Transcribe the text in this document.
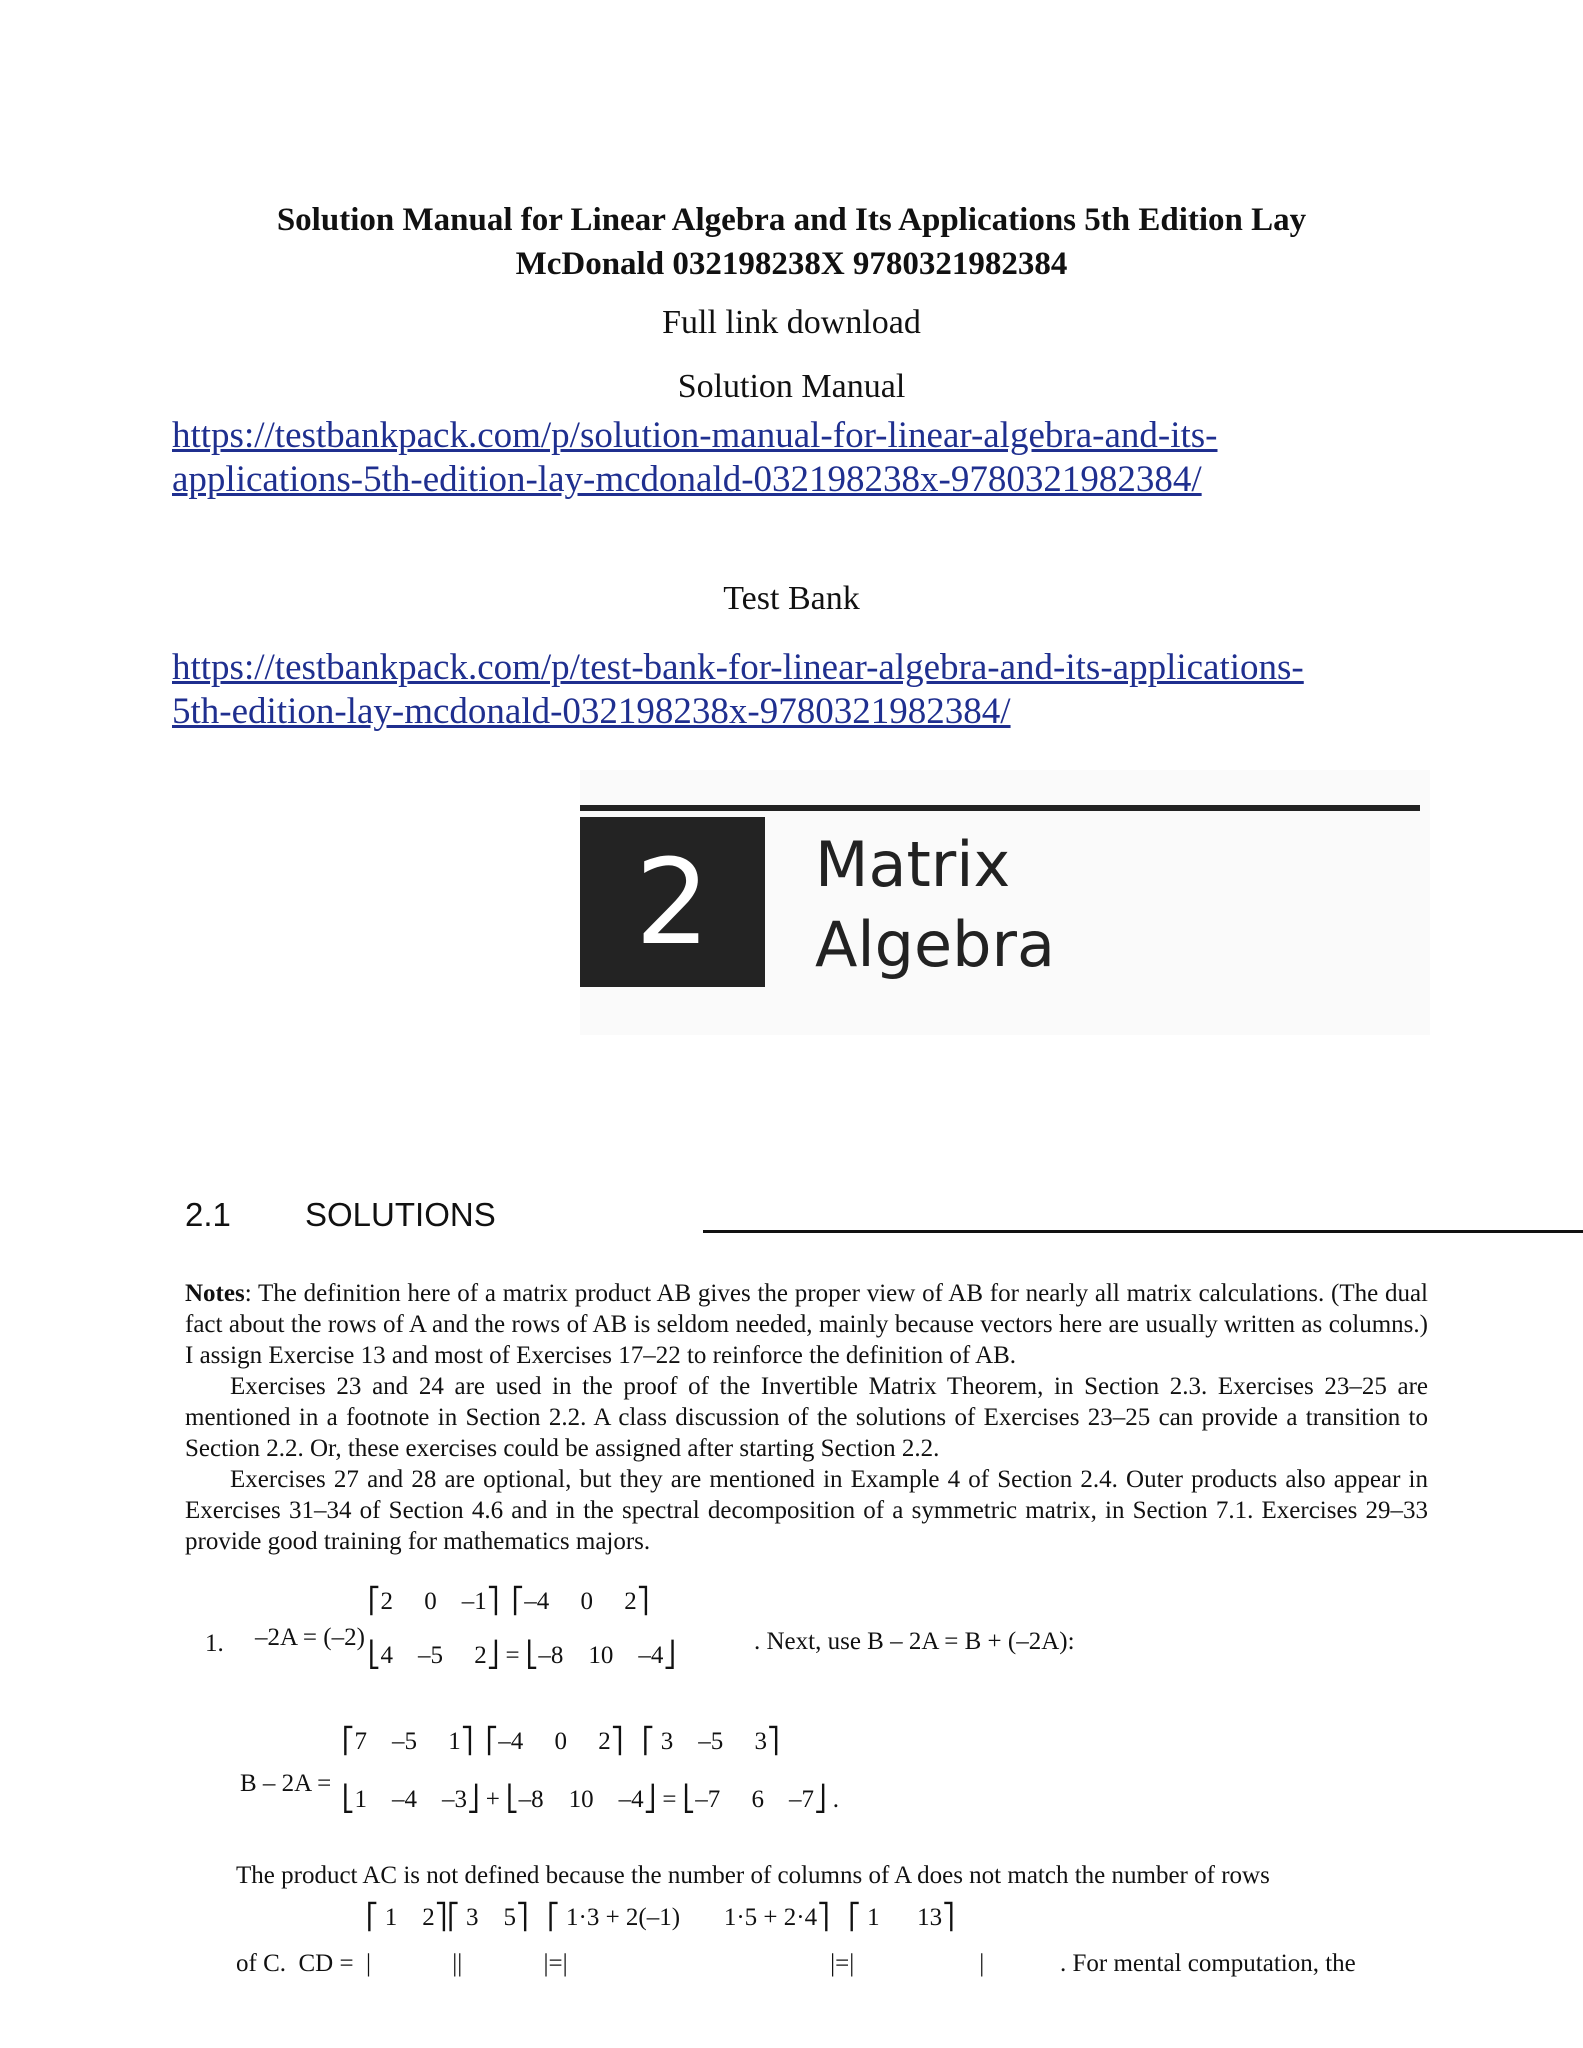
Solution Manual for Linear Algebra and Its Applications 5th Edition Lay
McDonald 032198238X 9780321982384
Full link download
Solution Manual
https://testbankpack.com/p/solution-manual-for-linear-algebra-and-its-
applications-5th-edition-lay-mcdonald-032198238x-9780321982384/
Test Bank
https://testbankpack.com/p/test-bank-for-linear-algebra-and-its-applications-
5th-edition-lay-mcdonald-032198238x-9780321982384/
2	Matrix
Algebra
2.1 SOLUTIONS

Notes: The definition here of a matrix product AB gives the proper view of AB for nearly all matrix calculations. (The dual fact about the rows of A and the rows of AB is seldom needed, mainly because vectors here are usually written as columns.) I assign Exercise 13 and most of Exercises 17–22 to reinforce the definition of AB.

Exercises 23 and 24 are used in the proof of the Invertible Matrix Theorem, in Section 2.3. Exercises 23–25 are mentioned in a footnote in Section 2.2. A class discussion of the solutions of Exercises 23–25 can provide a transition to Section 2.2. Or, these exercises could be assigned after starting Section 2.2.

Exercises 27 and 28 are optional, but they are mentioned in Example 4 of Section 2.4. Outer products also appear in Exercises 31–34 of Section 4.6 and in the spectral decomposition of a symmetric matrix, in Section 7.1. Exercises 29–33 provide good training for mathematics majors.

⎡2     0    –1⎤  ⎡–4     0     2⎤
1. –2A = (–2)
⎣4    –5     2⎦ = ⎣–8    10    –4⎦
. Next, use B – 2A = B + (–2A):
⎡7    –5     1⎤  ⎡–4     0     2⎤   ⎡ 3    –5     3⎤
B – 2A =
⎣1    –4    –3⎦ + ⎣–8    10    –4⎦ = ⎣–7     6    –7⎦ .
The product AC is not defined because the number of columns of A does not match the number of rows
⎡ 1    2⎤⎡ 3    5⎤   ⎡ 1·3 + 2(–1)       1·5 + 2·4⎤   ⎡ 1      13⎤
of C.  CD = |             ||             |=|                                          |=|                    |	. For mental computation, the
